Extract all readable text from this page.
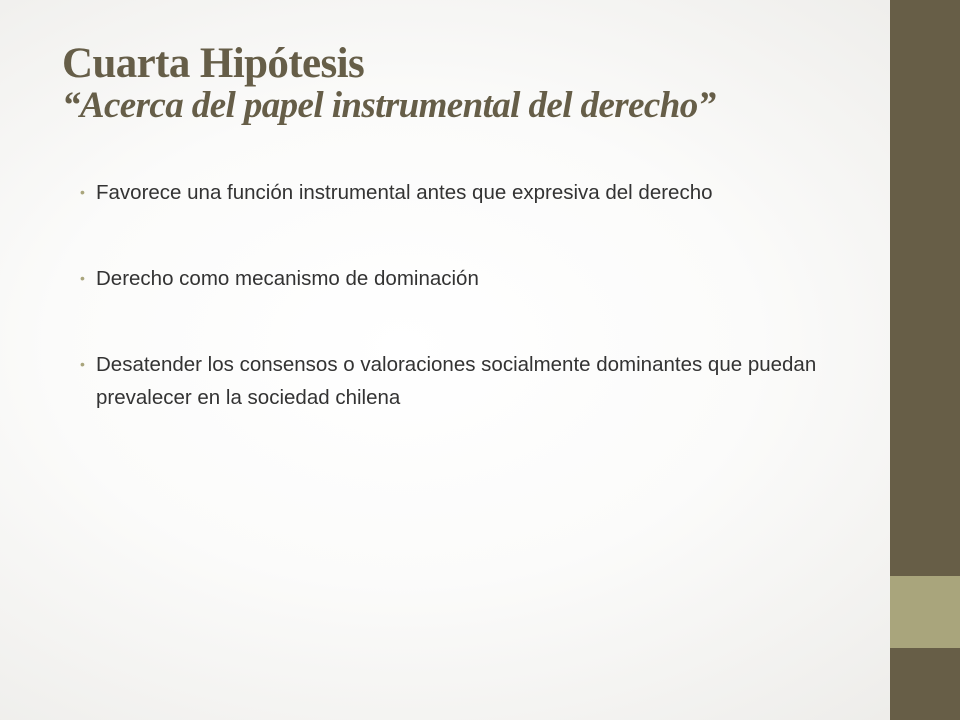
Cuarta Hipótesis
“Acerca del papel instrumental del derecho”
• Favorece una función instrumental antes que expresiva del derecho
• Derecho como mecanismo de dominación
• Desatender los consensos o valoraciones socialmente dominantes que puedan prevalecer en la sociedad chilena
